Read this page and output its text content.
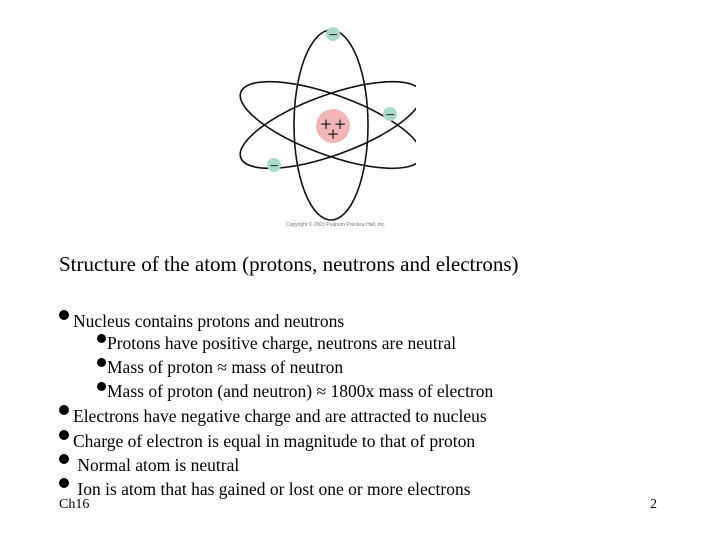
+ +
+
−
−
−
Copyright © 2003 Pearson Prentice Hall, Inc.
Structure of the atom (protons, neutrons and electrons)
Nucleus contains protons and neutrons
Protons have positive charge, neutrons are neutral
Mass of proton ≈ mass of neutron
Mass of proton (and neutron) ≈ 1800x mass of electron
Electrons have negative charge and are attracted to nucleus
Charge of electron is equal in magnitude to that of proton
Normal atom is neutral
Ion is atom that has gained or lost one or more electrons
Ch16	2
